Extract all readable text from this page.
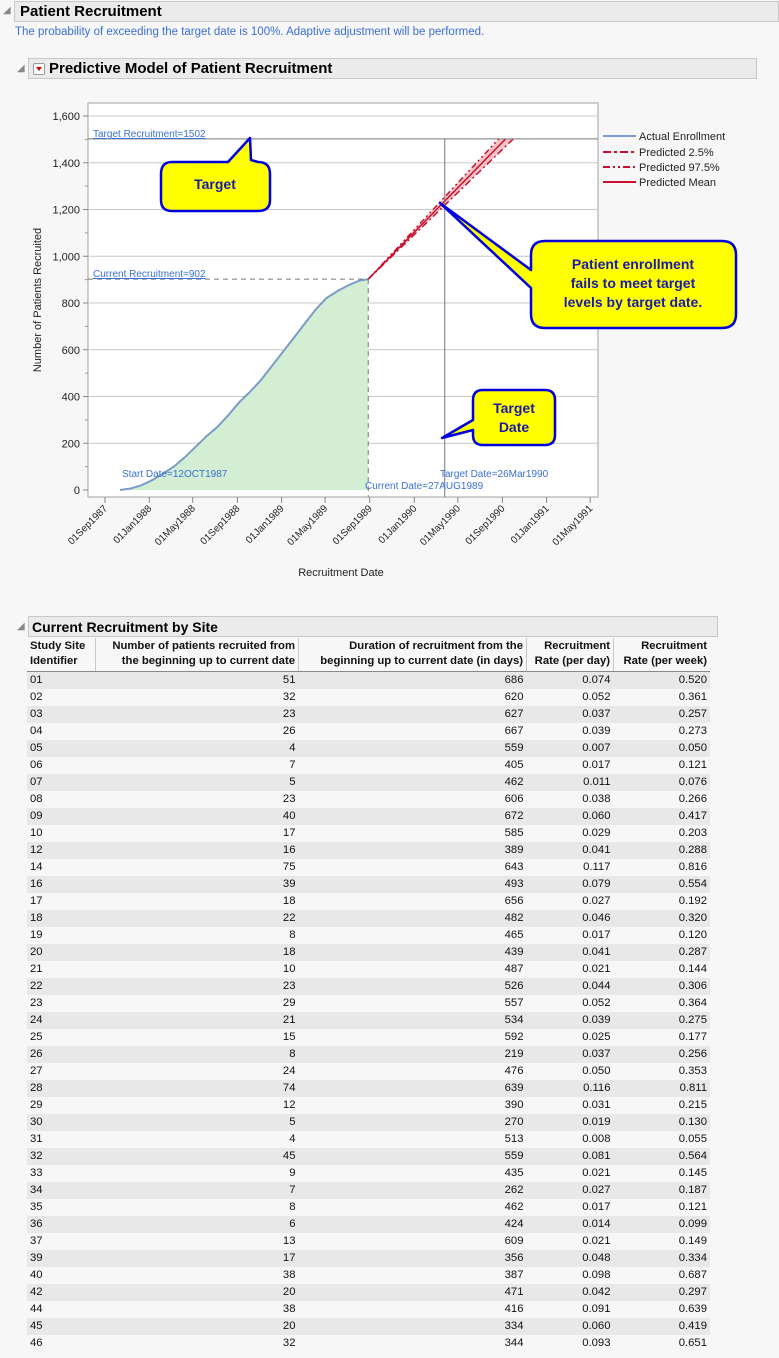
◢ Patient Recruitment
The probability of exceeding the target date is 100%. Adaptive adjustment will be performed.
◢ Predictive Model of Patient Recruitment
0
200
400
600
800
1,000
1,200
1,400
1,600
01Sep1987 01Jan1988
01May1988 01Sep1988 01Jan1989
01May1989 01Sep1989 01Jan1990
01May1990 01Sep1990 01Jan1991
01May1991
Number of Patients Recruited
Recruitment Date
Actual Enrollment
Predicted 2.5%
Predicted 97.5%
Predicted Mean
Target Recruitment=1502
Current Recruitment=902
Start Date=12OCT1987
Current Date=27AUG1989
Target Date=26Mar1990
Target
Patient enrollment
fails to meet target
levels by target date.
Target
Date
◢ Current Recruitment by Site
Study Site
Identifier	Number of patients recruited from
the beginning up to current date	Duration of recruitment from the
beginning up to current date (in days)	Recruitment
Rate (per day)	Recruitment
Rate (per week)
01	51	686	0.074	0.520
02	32	620	0.052	0.361
03	23	627	0.037	0.257
04	26	667	0.039	0.273
05	4	559	0.007	0.050
06	7	405	0.017	0.121
07	5	462	0.011	0.076
08	23	606	0.038	0.266
09	40	672	0.060	0.417
10	17	585	0.029	0.203
12	16	389	0.041	0.288
14	75	643	0.117	0.816
16	39	493	0.079	0.554
17	18	656	0.027	0.192
18	22	482	0.046	0.320
19	8	465	0.017	0.120
20	18	439	0.041	0.287
21	10	487	0.021	0.144
22	23	526	0.044	0.306
23	29	557	0.052	0.364
24	21	534	0.039	0.275
25	15	592	0.025	0.177
26	8	219	0.037	0.256
27	24	476	0.050	0.353
28	74	639	0.116	0.811
29	12	390	0.031	0.215
30	5	270	0.019	0.130
31	4	513	0.008	0.055
32	45	559	0.081	0.564
33	9	435	0.021	0.145
34	7	262	0.027	0.187
35	8	462	0.017	0.121
36	6	424	0.014	0.099
37	13	609	0.021	0.149
39	17	356	0.048	0.334
40	38	387	0.098	0.687
42	20	471	0.042	0.297
44	38	416	0.091	0.639
45	20	334	0.060	0.419
46	32	344	0.093	0.651
